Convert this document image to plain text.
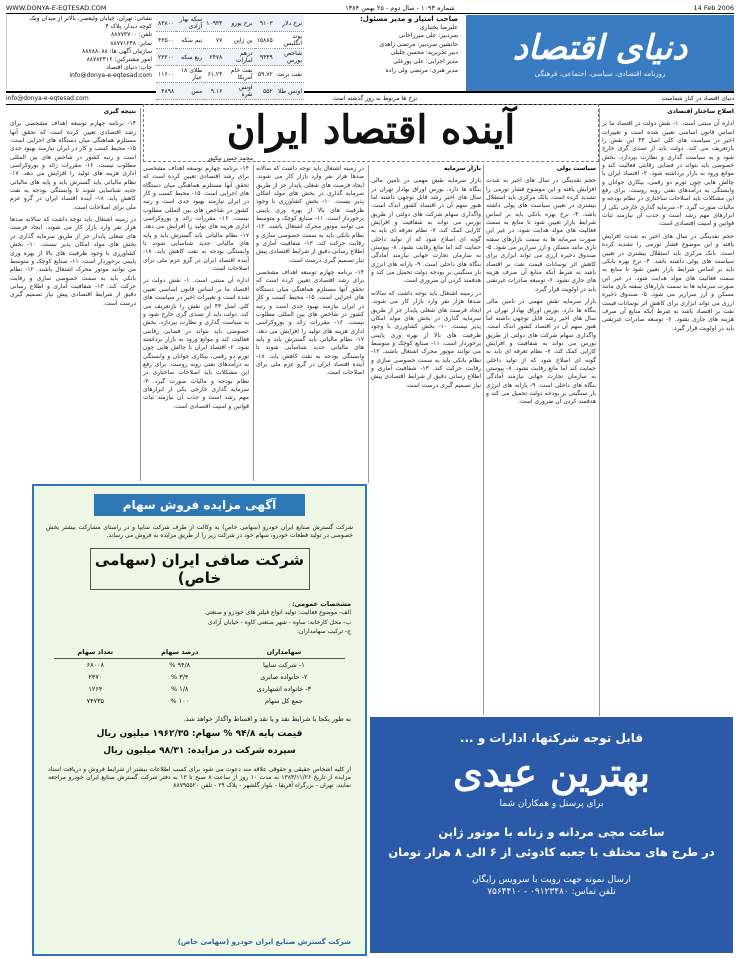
WWW.DONYA-E-EQTESAD.COM	شماره ۱۰۹۳ - سال دوم - ۲۵ بهمن ۱۳۸۴	14 Feb 2006
دنیای اقتصاد
روزنامه اقتصادی، سیاسی، اجتماعی، فرهنگی
صاحب امتیاز و مدیر مسئول:
علیرضا بختیاری
سردبیر: علی میرزاخانی
جانشین سردبیر: مرتضی زاهدی
دبیر تحریریه: محسن جلیلی
مدیر اجرایی: علی پورعلی
مدیر هنری: مرتضی ولی زاده
نرخ دلار	۹۱۰۳	نرخ یورو	۱۰۹۴۴	سکه بهار آزادی	۸۳۸۰۰
پوند انگلیس	۱۵۸۸۵	ین ژاپن	۷۷	نیم سکه	۴۳۵۰۰
شاخص بورس	۹۴۴۹	درهم امارات	۲۴۷۸	ربع سکه	۲۳۲۰۰
نفت برنت	۵۹.۷۲	نفت خام آمریکا	۶۱.۲۴	طلای ۱۸ عیار	۱۱۶۰۰
اونس طلا	۵۵۲	اونس نقره	۹.۱۶	مس	۴۸۹۸
نشانی: تهران، خیابان ولیعصر، بالاتر از میدان ونک
کوچه دیدار، پلاک ۴
تلفن: ۸۸۷۷۳۷۰۰
نمابر: ۸۸۷۷۱۲۴۸
سازمان آگهی ها: ۸۸۷۸۸۰۸۸
امور مشترکین: ۸۸۷۸۲۴۱۶
چاپ: دنیای اقتصاد
info@donya-e-eqtesad.com
دنیای اقتصاد در کنار شماست
نرخ ها مربوط به روز گذشته است
info@donya-e-eqtesad.com
آینده اقتصاد ایران
محمد حسن نیکپور
اصلاح ساختار اقتصادی
اداره آن مبتنی است. ۱- نقش دولت در اقتصاد ما بر اساس قانون اساسی تعیین شده است و تغییرات اخیر در سیاست های کلی اصل ۴۴ این نقش را بازتعریف می کند. دولت باید از تصدی گری خارج شود و به سیاست گذاری و نظارت بپردازد. بخش خصوصی باید بتواند در فضایی رقابتی فعالیت کند و موانع ورود به بازار برداشته شود. ۲- اقتصاد ایران با چالش هایی چون تورم دو رقمی، بیکاری جوانان و وابستگی به درآمدهای نفتی روبه روست. برای رفع این مشکلات باید اصلاحات ساختاری در نظام بودجه و مالیات صورت گیرد. ۳- سرمایه گذاری خارجی یکی از ابزارهای مهم رشد است و جذب آن نیازمند ثبات قوانین و امنیت اقتصادی است.
حجم نقدینگی در سال های اخیر به شدت افزایش یافته و این موضوع فشار تورمی را تشدید کرده است. بانک مرکزی باید استقلال بیشتری در تعیین سیاست های پولی داشته باشد. ۴- نرخ بهره بانکی باید بر اساس شرایط بازار تعیین شود تا منابع به سمت فعالیت های مولد هدایت شود. در غیر این صورت سرمایه ها به سمت بازارهای سفته بازی مانند مسکن و ارز سرازیر می شود. ۵- صندوق ذخیره ارزی می تواند ابزاری برای کاهش اثر نوسانات قیمت نفت بر اقتصاد باشد به شرط آنکه منابع آن صرف هزینه های جاری نشود. ۶- توسعه صادرات غیرنفتی باید در اولویت قرار گیرد.
سیاست پولی
حجم نقدینگی در سال های اخیر به شدت افزایش یافته و این موضوع فشار تورمی را تشدید کرده است. بانک مرکزی باید استقلال بیشتری در تعیین سیاست های پولی داشته باشد. ۴- نرخ بهره بانکی باید بر اساس شرایط بازار تعیین شود تا منابع به سمت فعالیت های مولد هدایت شود. در غیر این صورت سرمایه ها به سمت بازارهای سفته بازی مانند مسکن و ارز سرازیر می شود. ۵- صندوق ذخیره ارزی می تواند ابزاری برای کاهش اثر نوسانات قیمت نفت بر اقتصاد باشد به شرط آنکه منابع آن صرف هزینه های جاری نشود. ۶- توسعه صادرات غیرنفتی باید در اولویت قرار گیرد.
بازار سرمایه نقش مهمی در تامین مالی بنگاه ها دارد. بورس اوراق بهادار تهران در سال های اخیر رشد قابل توجهی داشته اما هنوز سهم آن در اقتصاد کشور اندک است. واگذاری سهام شرکت های دولتی از طریق بورس می تواند به شفافیت و افزایش کارایی کمک کند. ۷- نظام تعرفه ای باید به گونه ای اصلاح شود که از تولید داخلی حمایت کند اما مانع رقابت نشود. ۸- پیوستن به سازمان تجارت جهانی نیازمند آمادگی بنگاه های داخلی است. ۹- یارانه های انرژی بار سنگینی بر بودجه دولت تحمیل می کند و هدفمند کردن آن ضروری است.
بازار سرمایه
بازار سرمایه نقش مهمی در تامین مالی بنگاه ها دارد. بورس اوراق بهادار تهران در سال های اخیر رشد قابل توجهی داشته اما هنوز سهم آن در اقتصاد کشور اندک است. واگذاری سهام شرکت های دولتی از طریق بورس می تواند به شفافیت و افزایش کارایی کمک کند. ۷- نظام تعرفه ای باید به گونه ای اصلاح شود که از تولید داخلی حمایت کند اما مانع رقابت نشود. ۸- پیوستن به سازمان تجارت جهانی نیازمند آمادگی بنگاه های داخلی است. ۹- یارانه های انرژی بار سنگینی بر بودجه دولت تحمیل می کند و هدفمند کردن آن ضروری است.
در زمینه اشتغال باید توجه داشت که سالانه صدها هزار نفر وارد بازار کار می شوند. ایجاد فرصت های شغلی پایدار جز از طریق سرمایه گذاری در بخش های مولد امکان پذیر نیست. ۱۰- بخش کشاورزی با وجود ظرفیت های بالا از بهره وری پایینی برخوردار است. ۱۱- صنایع کوچک و متوسط می توانند موتور محرک اشتغال باشند. ۱۲- نظام بانکی باید به سمت خصوصی سازی و رقابت حرکت کند. ۱۳- شفافیت آماری و اطلاع رسانی دقیق از شرایط اقتصادی پیش نیاز تصمیم گیری درست است.
در زمینه اشتغال باید توجه داشت که سالانه صدها هزار نفر وارد بازار کار می شوند. ایجاد فرصت های شغلی پایدار جز از طریق سرمایه گذاری در بخش های مولد امکان پذیر نیست. ۱۰- بخش کشاورزی با وجود ظرفیت های بالا از بهره وری پایینی برخوردار است. ۱۱- صنایع کوچک و متوسط می توانند موتور محرک اشتغال باشند. ۱۲- نظام بانکی باید به سمت خصوصی سازی و رقابت حرکت کند. ۱۳- شفافیت آماری و اطلاع رسانی دقیق از شرایط اقتصادی پیش نیاز تصمیم گیری درست است.
۱۴- برنامه چهارم توسعه اهداف مشخصی برای رشد اقتصادی تعیین کرده است که تحقق آنها مستلزم هماهنگی میان دستگاه های اجرایی است. ۱۵- محیط کسب و کار در ایران نیازمند بهبود جدی است و رتبه کشور در شاخص های بین المللی مطلوب نیست. ۱۶- مقررات زائد و بوروکراسی اداری هزینه های تولید را افزایش می دهد. ۱۷- نظام مالیاتی باید گسترش یابد و پایه های مالیاتی جدید شناسایی شوند تا وابستگی بودجه به نفت کاهش یابد. ۱۸- آینده اقتصاد ایران در گرو عزم ملی برای اصلاحات است.
۱۴- برنامه چهارم توسعه اهداف مشخصی برای رشد اقتصادی تعیین کرده است که تحقق آنها مستلزم هماهنگی میان دستگاه های اجرایی است. ۱۵- محیط کسب و کار در ایران نیازمند بهبود جدی است و رتبه کشور در شاخص های بین المللی مطلوب نیست. ۱۶- مقررات زائد و بوروکراسی اداری هزینه های تولید را افزایش می دهد. ۱۷- نظام مالیاتی باید گسترش یابد و پایه های مالیاتی جدید شناسایی شوند تا وابستگی بودجه به نفت کاهش یابد. ۱۸- آینده اقتصاد ایران در گرو عزم ملی برای اصلاحات است.
اداره آن مبتنی است. ۱- نقش دولت در اقتصاد ما بر اساس قانون اساسی تعیین شده است و تغییرات اخیر در سیاست های کلی اصل ۴۴ این نقش را بازتعریف می کند. دولت باید از تصدی گری خارج شود و به سیاست گذاری و نظارت بپردازد. بخش خصوصی باید بتواند در فضایی رقابتی فعالیت کند و موانع ورود به بازار برداشته شود. ۲- اقتصاد ایران با چالش هایی چون تورم دو رقمی، بیکاری جوانان و وابستگی به درآمدهای نفتی روبه روست. برای رفع این مشکلات باید اصلاحات ساختاری در نظام بودجه و مالیات صورت گیرد. ۳- سرمایه گذاری خارجی یکی از ابزارهای مهم رشد است و جذب آن نیازمند ثبات قوانین و امنیت اقتصادی است.
نتیجه گیری
۱۴- برنامه چهارم توسعه اهداف مشخصی برای رشد اقتصادی تعیین کرده است که تحقق آنها مستلزم هماهنگی میان دستگاه های اجرایی است. ۱۵- محیط کسب و کار در ایران نیازمند بهبود جدی است و رتبه کشور در شاخص های بین المللی مطلوب نیست. ۱۶- مقررات زائد و بوروکراسی اداری هزینه های تولید را افزایش می دهد. ۱۷- نظام مالیاتی باید گسترش یابد و پایه های مالیاتی جدید شناسایی شوند تا وابستگی بودجه به نفت کاهش یابد. ۱۸- آینده اقتصاد ایران در گرو عزم ملی برای اصلاحات است.
در زمینه اشتغال باید توجه داشت که سالانه صدها هزار نفر وارد بازار کار می شوند. ایجاد فرصت های شغلی پایدار جز از طریق سرمایه گذاری در بخش های مولد امکان پذیر نیست. ۱۰- بخش کشاورزی با وجود ظرفیت های بالا از بهره وری پایینی برخوردار است. ۱۱- صنایع کوچک و متوسط می توانند موتور محرک اشتغال باشند. ۱۲- نظام بانکی باید به سمت خصوصی سازی و رقابت حرکت کند. ۱۳- شفافیت آماری و اطلاع رسانی دقیق از شرایط اقتصادی پیش نیاز تصمیم گیری درست است.
آگهی مزایده فروش سهام
شرکت گسترش صنایع ایران خودرو (سهامی خاص) به وکالت از طرف شرکت سایپا و در راستای مشارکت بیشتر بخش خصوصی در تولید قطعات خودرو، سهام خود در شرکت زیر را از طریق مزایده به فروش می رساند.
شرکت صافی ایران (سهامی خاص)
مشخصات عمومی:
الف- موضوع فعالیت: تولید انواع فیلتر های خودرو و صنعتی
ب- محل کارخانه: ساوه - شهر صنعتی کاوه - خیابان آزادی
ج- ترکیب سهامداران:
سهامداران	درصد سهام	تعداد سهام
۱- شرکت سایپا	۹۴/۸ %	۶۸۰۰۸
۲- خانواده صابری	۳/۴ %	۲۴۷۰
۳- خانواده اشتهاردی	۱/۸ %	۱۲۶۴
جمع کل سهام	۱۰۰ %	۷۴۷۳۵
به طور یکجا با شرایط نقد و یا نقد و اقساط واگذار خواهد شد.
قیمت پایه ۹۴/۸ % سهام: ۱۹۶۲/۳۵ میلیون ریال
سپرده شرکت در مزایده: ۹۸/۳۱ میلیون ریال
از کلیه اشخاص حقیقی و حقوقی علاقه مند دعوت می شود برای کسب اطلاعات بیشتر از شرایط فروش و دریافت اسناد مزایده از تاریخ ۱۳۸۴/۱۱/۲۶ به مدت ۱۰ روز از ساعت ۸ صبح تا ۱۳ به دفتر شرکت گسترش صنایع ایران خودرو مراجعه نمایند. تهران - بزرگراه آفریقا - بلوار گلشهر - پلاک ۲۹ - تلفن ۸۸۷۹۵۵۲۰
شرکت گسترش صنایع ایران خودرو (سهامی خاص)
قابل توجه شرکتها، ادارات و ...
بهترین عیدی
برای پرسنل و همکاران شما
ساعت مچی مردانه و زنانه با موتور ژاپن
در طرح های مختلف با جعبه کادوئی از ۶ الی ۸ هزار تومان
ارسال نمونه جهت رویت با سرویس رایگان
تلفن تماس: ۰۹۱۲۳۴۸۰ - ۷۵۶۴۴۱۰
